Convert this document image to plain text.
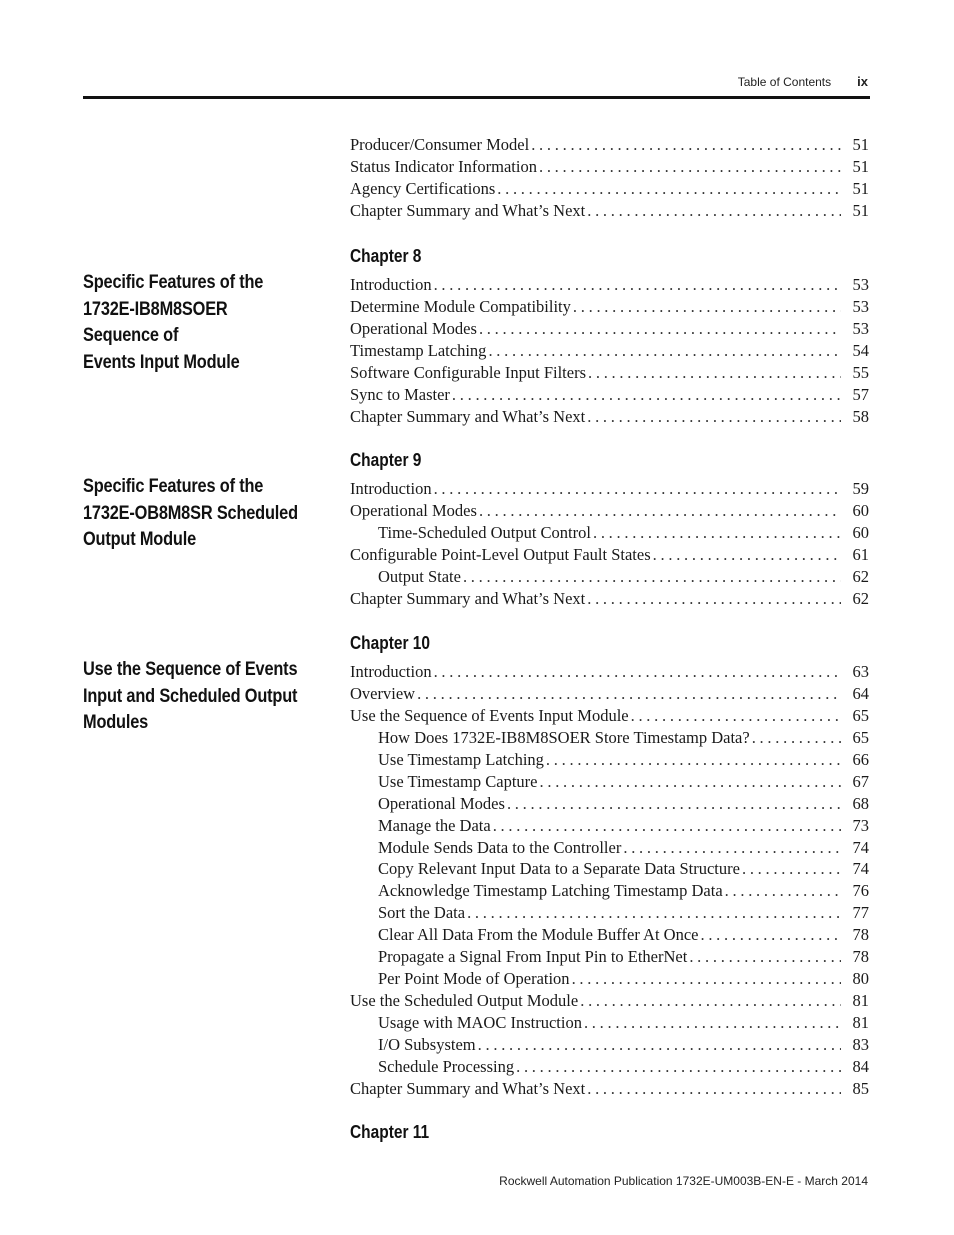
Table of Contents ix
Producer/Consumer Model . . .	51
Status Indicator Information . . .	51
Agency Certifications . . .	51
Chapter Summary and What’s Next . . .	51
Chapter 8
Specific Features of the
1732E-IB8M8SOER Sequence of
Events Input Module
Introduction . . .	53
Determine Module Compatibility . . .	53
Operational Modes . . .	53
Timestamp Latching . . .	54
Software Configurable Input Filters . . .	55
Sync to Master . . .	57
Chapter Summary and What’s Next . . .	58
Chapter 9
Specific Features of the
1732E-OB8M8SR Scheduled
Output Module
Introduction . . .	59
Operational Modes . . .	60
Time-Scheduled Output Control . . .	60
Configurable Point-Level Output Fault States . . .	61
Output State . . .	62
Chapter Summary and What’s Next . . .	62
Chapter 10
Use the Sequence of Events
Input and Scheduled Output
Modules
Introduction . . .	63
Overview . . .	64
Use the Sequence of Events Input Module . . .	65
How Does 1732E-IB8M8SOER Store Timestamp Data? . . .	65
Use Timestamp Latching . . .	66
Use Timestamp Capture . . .	67
Operational Modes . . .	68
Manage the Data . . .	73
Module Sends Data to the Controller . . .	74
Copy Relevant Input Data to a Separate Data Structure . . .	74
Acknowledge Timestamp Latching Timestamp Data . . .	76
Sort the Data . . .	77
Clear All Data From the Module Buffer At Once . . .	78
Propagate a Signal From Input Pin to EtherNet . . .	78
Per Point Mode of Operation . . .	80
Use the Scheduled Output Module . . .	81
Usage with MAOC Instruction . . .	81
I/O Subsystem . . .	83
Schedule Processing . . .	84
Chapter Summary and What’s Next . . .	85
Chapter 11
Rockwell Automation Publication 1732E-UM003B-EN-E - March 2014
